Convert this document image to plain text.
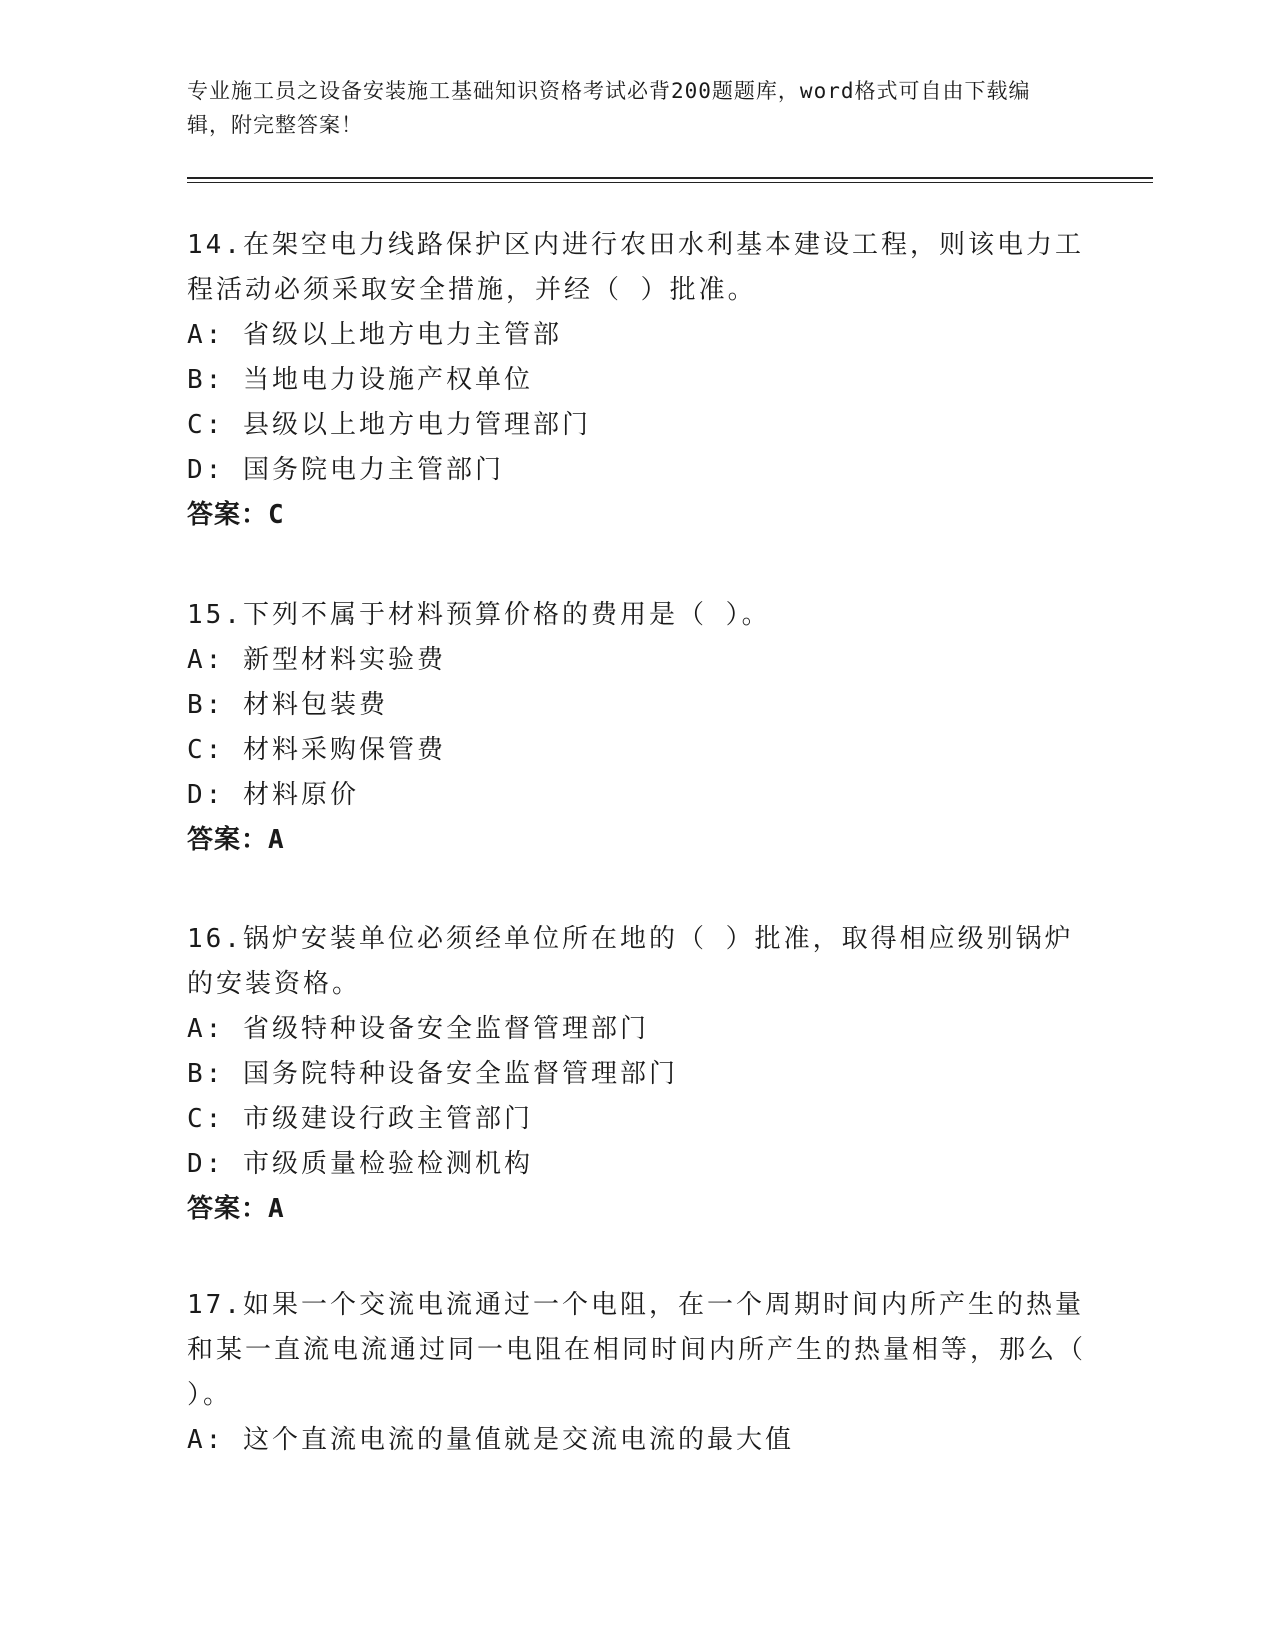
专业施工员之设备安装施工基础知识资格考试必背200题题库，word格式可自由下载编辑，附完整答案！
14.在架空电力线路保护区内进行农田水利基本建设工程，则该电力工程活动必须采取安全措施，并经（ ）批准。
A: 省级以上地方电力主管部
B: 当地电力设施产权单位
C: 县级以上地方电力管理部门
D: 国务院电力主管部门
答案：C
15.下列不属于材料预算价格的费用是（ ）。
A: 新型材料实验费
B: 材料包装费
C: 材料采购保管费
D: 材料原价
答案：A
16.锅炉安装单位必须经单位所在地的（ ）批准，取得相应级别锅炉的安装资格。
A: 省级特种设备安全监督管理部门
B: 国务院特种设备安全监督管理部门
C: 市级建设行政主管部门
D: 市级质量检验检测机构
答案：A
17.如果一个交流电流通过一个电阻，在一个周期时间内所产生的热量和某一直流电流通过同一电阻在相同时间内所产生的热量相等，那么（ ）。
A: 这个直流电流的量值就是交流电流的最大值
